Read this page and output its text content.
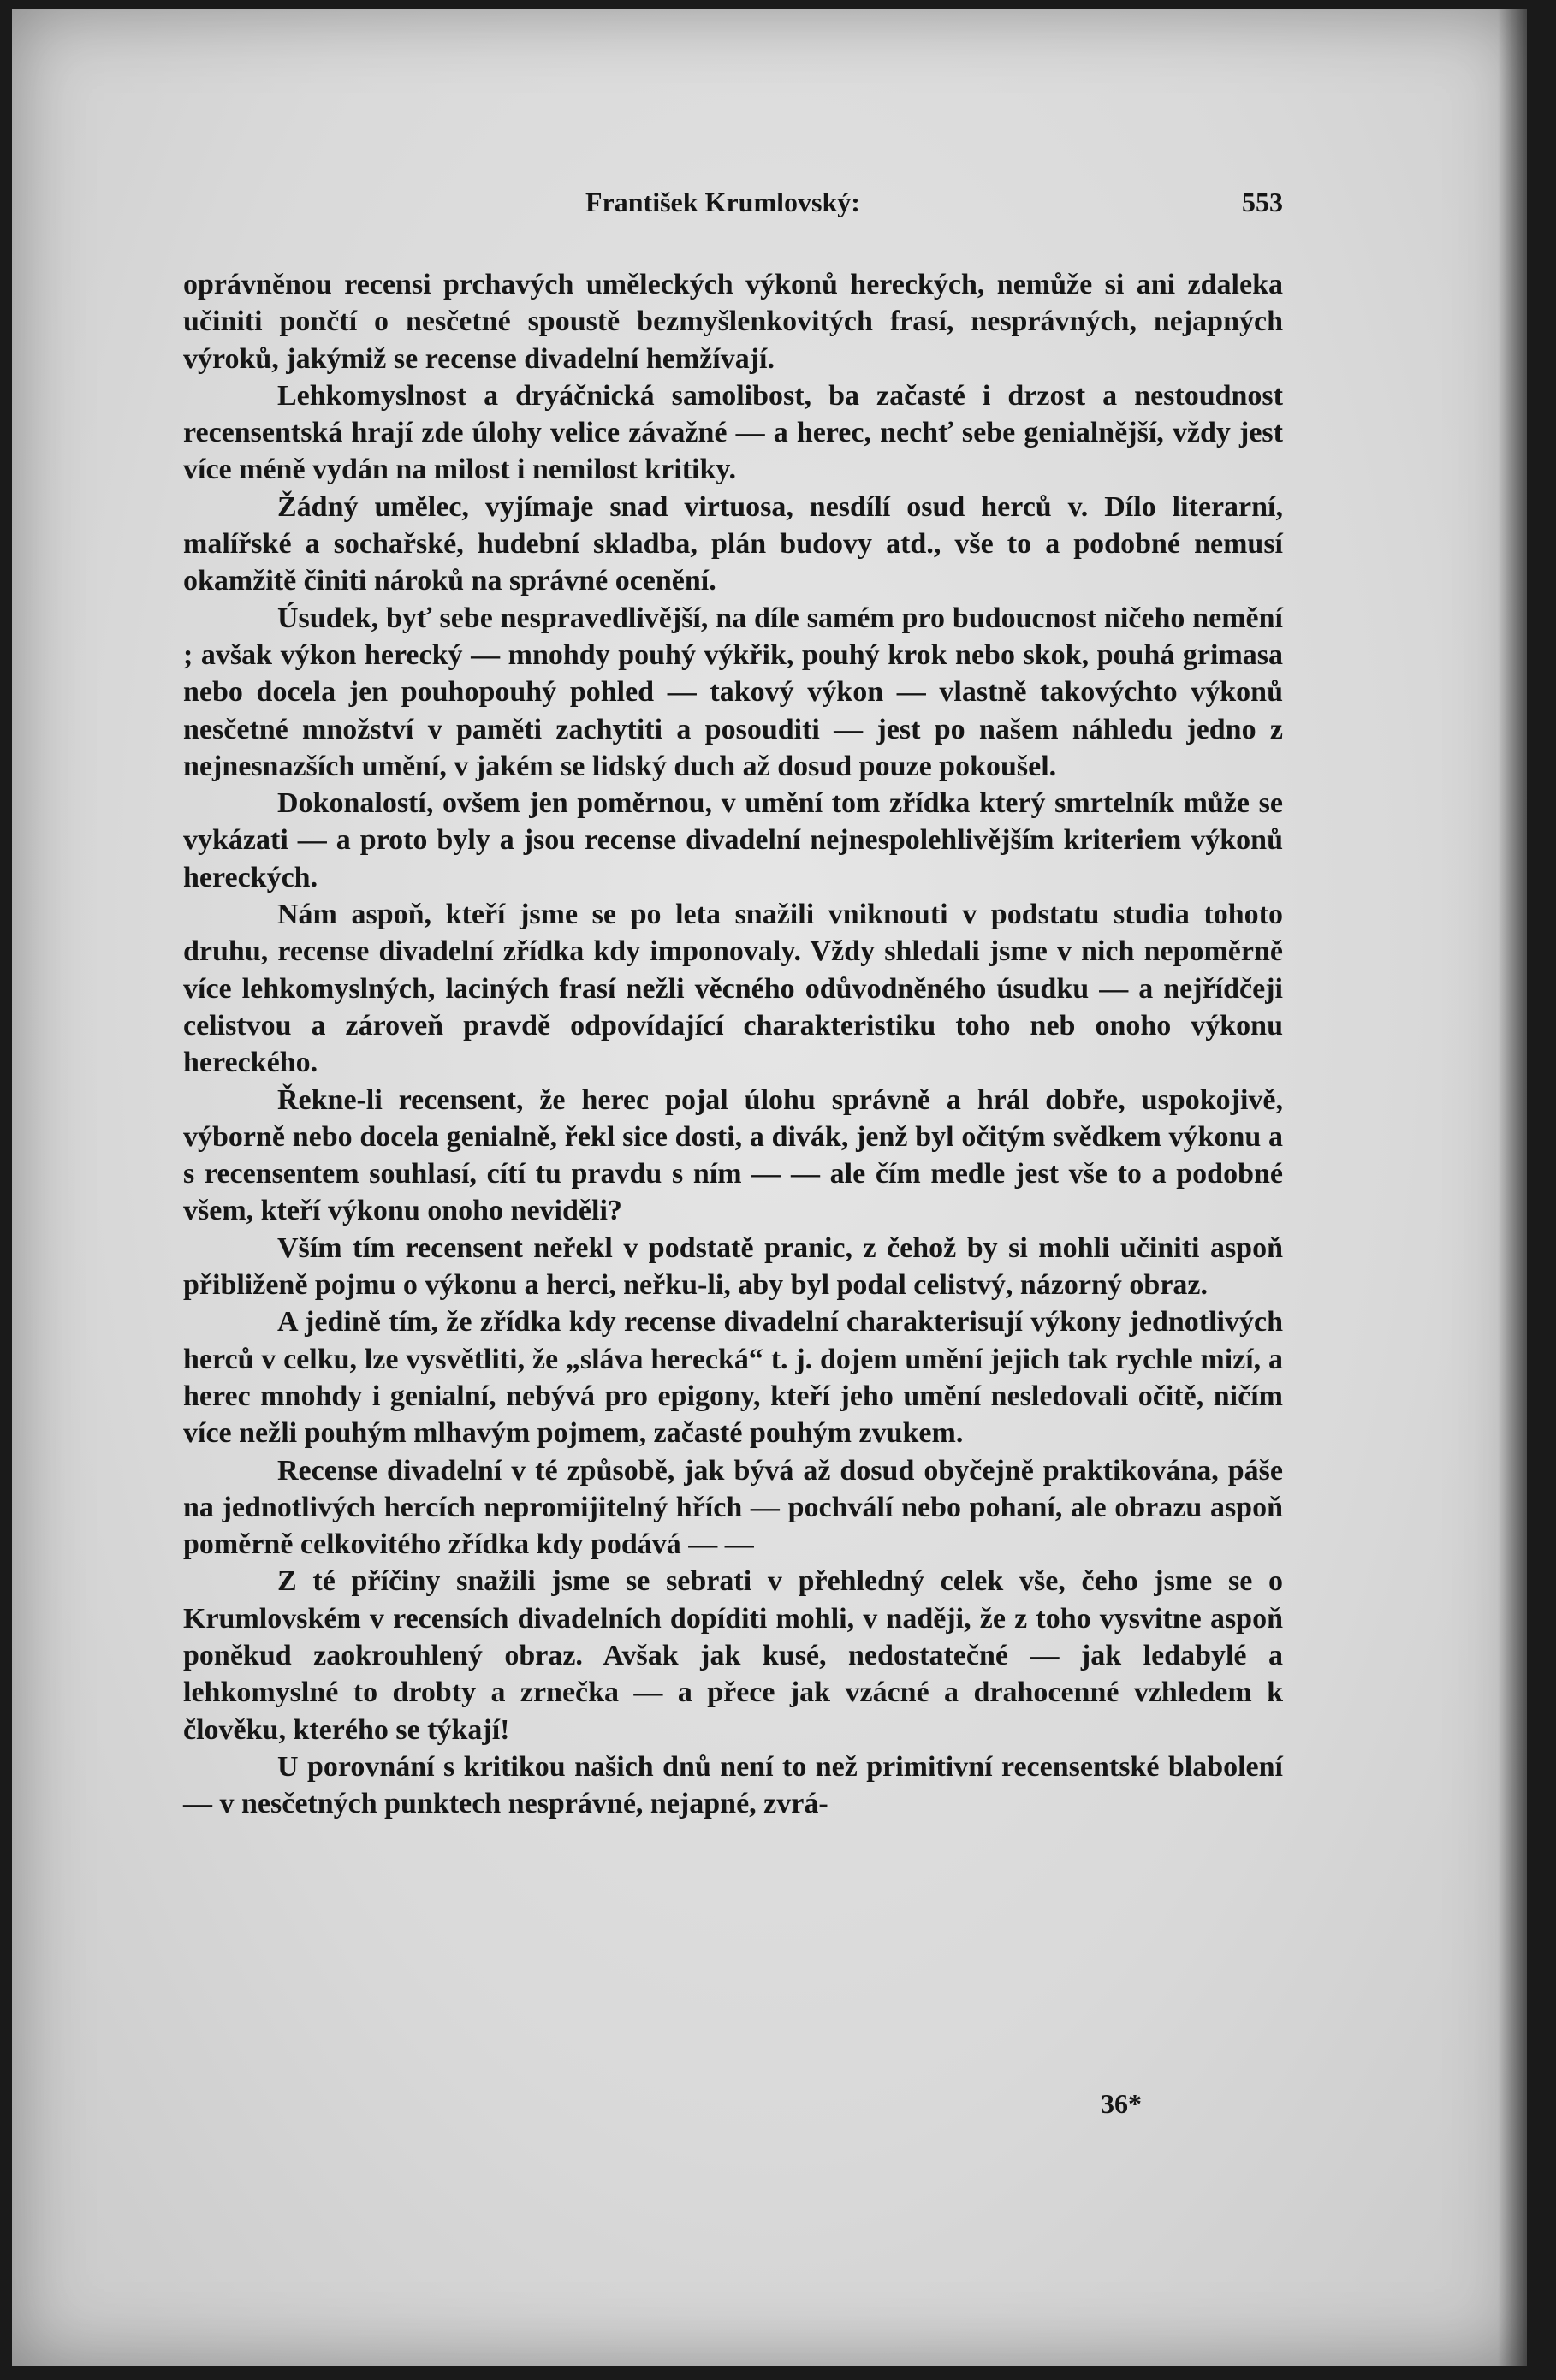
František Krumlovský:	553

oprávněnou recensi prchavých uměleckých výkonů hereckých, nemůže si ani zdaleka učiniti pončtí o nesčetné spoustě bezmyšlenkovitých frasí, nesprávných, nejapných výroků, jakýmiž se recense divadelní hemžívají.

Lehkomyslnost a dryáčnická samolibost, ba začasté i drzost a nestoudnost recensentská hrají zde úlohy velice závažné — a herec, nechť sebe genialnější, vždy jest více méně vydán na milost i nemilost kritiky.

Žádný umělec, vyjímaje snad virtuosa, nesdílí osud herců v. Dílo literarní, malířské a sochařské, hudební skladba, plán budovy atd., vše to a podobné nemusí okamžitě činiti nároků na správné ocenění.

Úsudek, byť sebe nespravedlivější, na díle samém pro budoucnost ničeho nemění ; avšak výkon herecký — mnohdy pouhý výkřik, pouhý krok nebo skok, pouhá grimasa nebo docela jen pouhopouhý pohled — takový výkon — vlastně takovýchto výkonů nesčetné množství v paměti zachytiti a posouditi — jest po našem náhledu jedno z nejnesnazších umění, v jakém se lidský duch až dosud pouze pokoušel.

Dokonalostí, ovšem jen poměrnou, v umění tom zřídka který smrtelník může se vykázati — a proto byly a jsou recense divadelní nejnespolehlivějším kriteriem výkonů hereckých.

Nám aspoň, kteří jsme se po leta snažili vniknouti v podstatu studia tohoto druhu, recense divadelní zřídka kdy imponovaly. Vždy shledali jsme v nich nepoměrně více lehkomyslných, laciných frasí nežli věcného odůvodněného úsudku — a nejřídčeji celistvou a zároveň pravdě odpovídající charakteristiku toho neb onoho výkonu hereckého.

Řekne-li recensent, že herec pojal úlohu správně a hrál dobře, uspokojivě, výborně nebo docela genialně, řekl sice dosti, a divák, jenž byl očitým svědkem výkonu a s recensentem souhlasí, cítí tu pravdu s ním — — ale čím medle jest vše to a podobné všem, kteří výkonu onoho neviděli?

Vším tím recensent neřekl v podstatě pranic, z čehož by si mohli učiniti aspoň přibliženě pojmu o výkonu a herci, neřku-li, aby byl podal celistvý, názorný obraz.

A jedině tím, že zřídka kdy recense divadelní charakterisují výkony jednotlivých herců v celku, lze vysvětliti, že „sláva herecká“ t. j. dojem umění jejich tak rychle mizí, a herec mnohdy i genialní, nebývá pro epigony, kteří jeho umění nesledovali očitě, ničím více nežli pouhým mlhavým pojmem, začasté pouhým zvukem.

Recense divadelní v té způsobě, jak bývá až dosud obyčejně praktikována, páše na jednotlivých hercích nepromijitelný hřích — pochválí nebo pohaní, ale obrazu aspoň poměrně celkovitého zřídka kdy podává — —

Z té příčiny snažili jsme se sebrati v přehledný celek vše, čeho jsme se o Krumlovském v recensích divadelních dopíditi mohli, v naději, že z toho vysvitne aspoň poněkud zaokrouhlený obraz. Avšak jak kusé, nedostatečné — jak ledabylé a lehkomyslné to drobty a zrnečka — a přece jak vzácné a drahocenné vzhledem k člověku, kterého se týkají!

U porovnání s kritikou našich dnů není to než primitivní recensentské blabolení — v nesčetných punktech nesprávné, nejapné, zvrá-

36*
